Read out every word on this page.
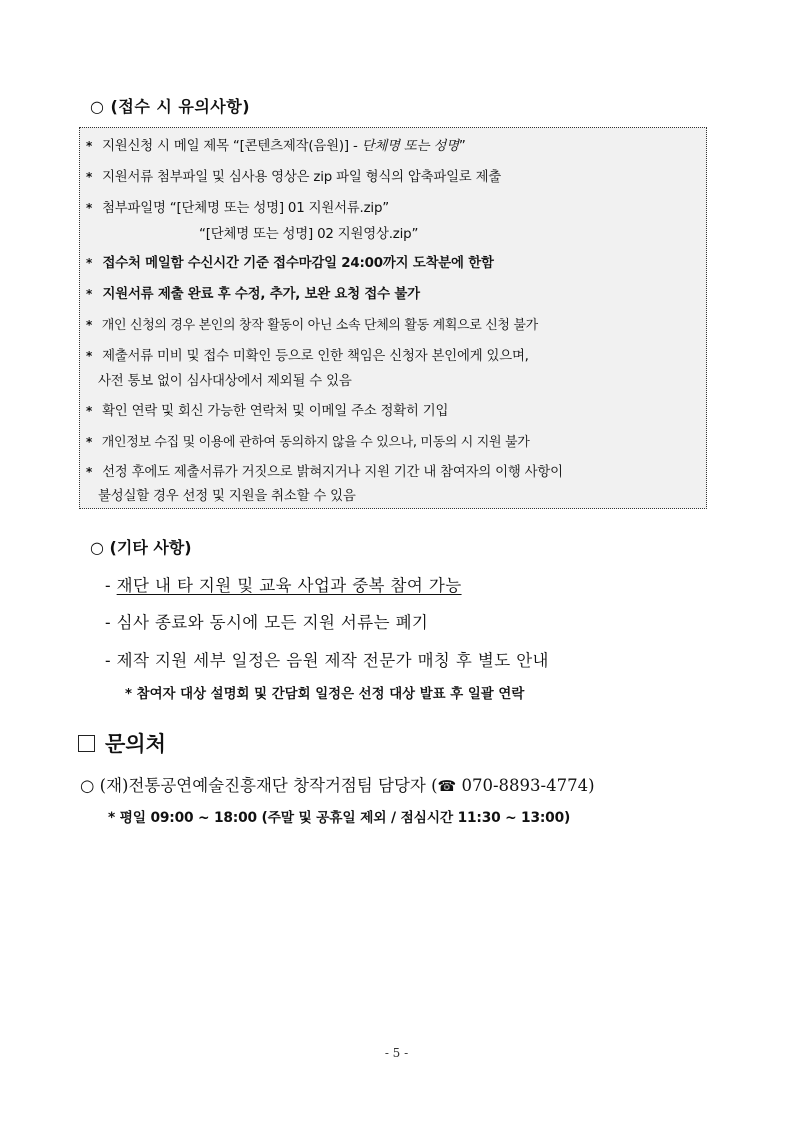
○ (접수 시 유의사항)
* 지원신청 시 메일 제목 “[콘텐츠제작(음원)] - 단체명 또는 성명”
* 지원서류 첨부파일 및 심사용 영상은 zip 파일 형식의 압축파일로 제출
* 첨부파일명 “[단체명 또는 성명] 01 지원서류.zip”
“[단체명 또는 성명] 02 지원영상.zip”
* 접수처 메일함 수신시간 기준 접수마감일 24:00까지 도착분에 한함
* 지원서류 제출 완료 후 수정, 추가, 보완 요청 접수 불가
* 개인 신청의 경우 본인의 창작 활동이 아닌 소속 단체의 활동 계획으로 신청 불가
* 제출서류 미비 및 접수 미확인 등으로 인한 책임은 신청자 본인에게 있으며,
사전 통보 없이 심사대상에서 제외될 수 있음
* 확인 연락 및 회신 가능한 연락처 및 이메일 주소 정확히 기입
* 개인정보 수집 및 이용에 관하여 동의하지 않을 수 있으나, 미동의 시 지원 불가
* 선정 후에도 제출서류가 거짓으로 밝혀지거나 지원 기간 내 참여자의 이행 사항이
불성실할 경우 선정 및 지원을 취소할 수 있음
○ (기타 사항)
- 재단 내 타 지원 및 교육 사업과 중복 참여 가능
- 심사 종료와 동시에 모든 지원 서류는 폐기
- 제작 지원 세부 일정은 음원 제작 전문가 매칭 후 별도 안내
* 참여자 대상 설명회 및 간담회 일정은 선정 대상 발표 후 일괄 연락
문의처
○ (재)전통공연예술진흥재단 창작거점팀 담당자 (☎ 070-8893-4774)
* 평일 09:00 ~ 18:00 (주말 및 공휴일 제외 / 점심시간 11:30 ~ 13:00)
- 5 -
